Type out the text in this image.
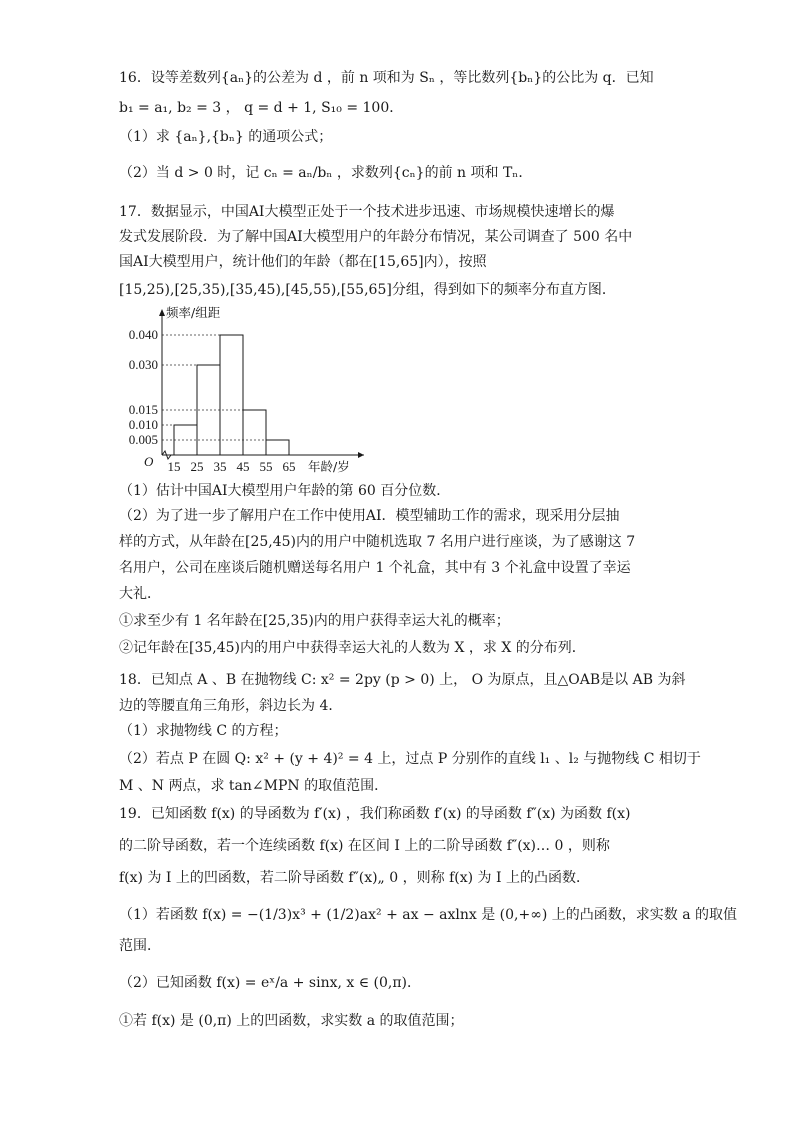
16．设等差数列{aₙ}的公差为 d ，前 n 项和为 Sₙ ，等比数列{bₙ}的公比为 q．已知
b₁ = a₁, b₂ = 3 ， q = d + 1, S₁₀ = 100．
（1）求 {aₙ},{bₙ} 的通项公式；
（2）当 d > 0 时，记 cₙ = aₙ/bₙ ，求数列{cₙ}的前 n 项和 Tₙ．
17．数据显示，中国AI大模型正处于一个技术进步迅速、市场规模快速增长的爆
发式发展阶段．为了解中国AI大模型用户的年龄分布情况，某公司调查了 500 名中
国AI大模型用户，统计他们的年龄（都在[15,65]内），按照
[15,25),[25,35),[35,45),[45,55),[55,65]分组，得到如下的频率分布直方图．
0.040
0.030
0.015
0.010
0.005
15 25 35 45 55 65
频率/组距
年龄/岁
O
（1）估计中国AI大模型用户年龄的第 60 百分位数．
（2）为了进一步了解用户在工作中使用AI．模型辅助工作的需求，现采用分层抽
样的方式，从年龄在[25,45)内的用户中随机选取 7 名用户进行座谈，为了感谢这 7
名用户，公司在座谈后随机赠送每名用户 1 个礼盒，其中有 3 个礼盒中设置了幸运
大礼．
①求至少有 1 名年龄在[25,35)内的用户获得幸运大礼的概率；
②记年龄在[35,45)内的用户中获得幸运大礼的人数为 X ，求 X 的分布列．
18．已知点 A 、B 在抛物线 C: x² = 2py (p > 0) 上， O 为原点，且△OAB是以 AB 为斜
边的等腰直角三角形，斜边长为 4．
（1）求抛物线 C 的方程；
（2）若点 P 在圆 Q: x² + (y + 4)² = 4 上，过点 P 分别作的直线 l₁ 、l₂ 与抛物线 C 相切于
M 、N 两点，求 tan∠MPN 的取值范围．
19．已知函数 f(x) 的导函数为 f′(x) ，我们称函数 f′(x) 的导函数 f″(x) 为函数 f(x)
的二阶导函数，若一个连续函数 f(x) 在区间 I 上的二阶导函数 f″(x)… 0 ，则称
f(x) 为 I 上的凹函数，若二阶导函数 f″(x)„ 0 ，则称 f(x) 为 I 上的凸函数．
（1）若函数 f(x) = −(1/3)x³ + (1/2)ax² + ax − axlnx 是 (0,+∞) 上的凸函数，求实数 a 的取值
范围．
（2）已知函数 f(x) = eˣ/a + sinx, x ∈ (0,π)．
①若 f(x) 是 (0,π) 上的凹函数，求实数 a 的取值范围；
